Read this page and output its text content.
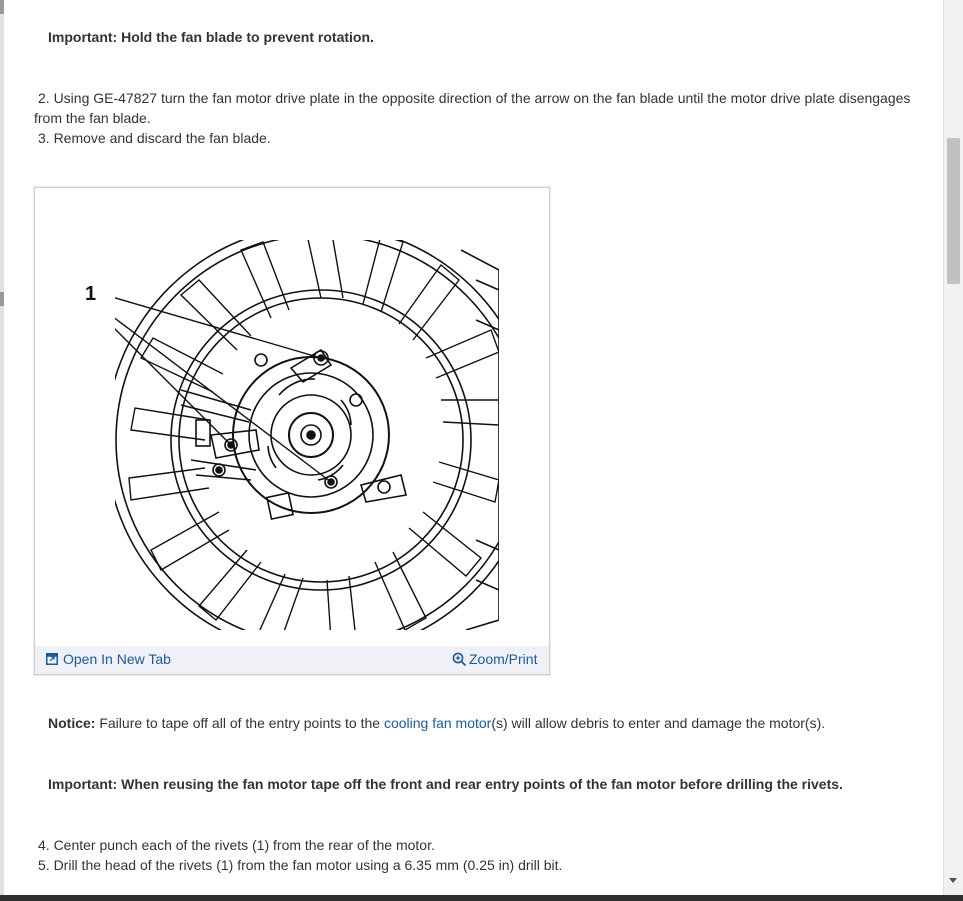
Important: Hold the fan blade to prevent rotation.
2. Using GE-47827 turn the fan motor drive plate in the opposite direction of the arrow on the fan blade until the motor drive plate disengages
from the fan blade.
3. Remove and discard the fan blade.
1
Open In New Tab	Zoom/Print
Notice: Failure to tape off all of the entry points to the cooling fan motor(s) will allow debris to enter and damage the motor(s).
Important: When reusing the fan motor tape off the front and rear entry points of the fan motor before drilling the rivets.
4. Center punch each of the rivets (1) from the rear of the motor.
5. Drill the head of the rivets (1) from the fan motor using a 6.35 mm (0.25 in) drill bit.
